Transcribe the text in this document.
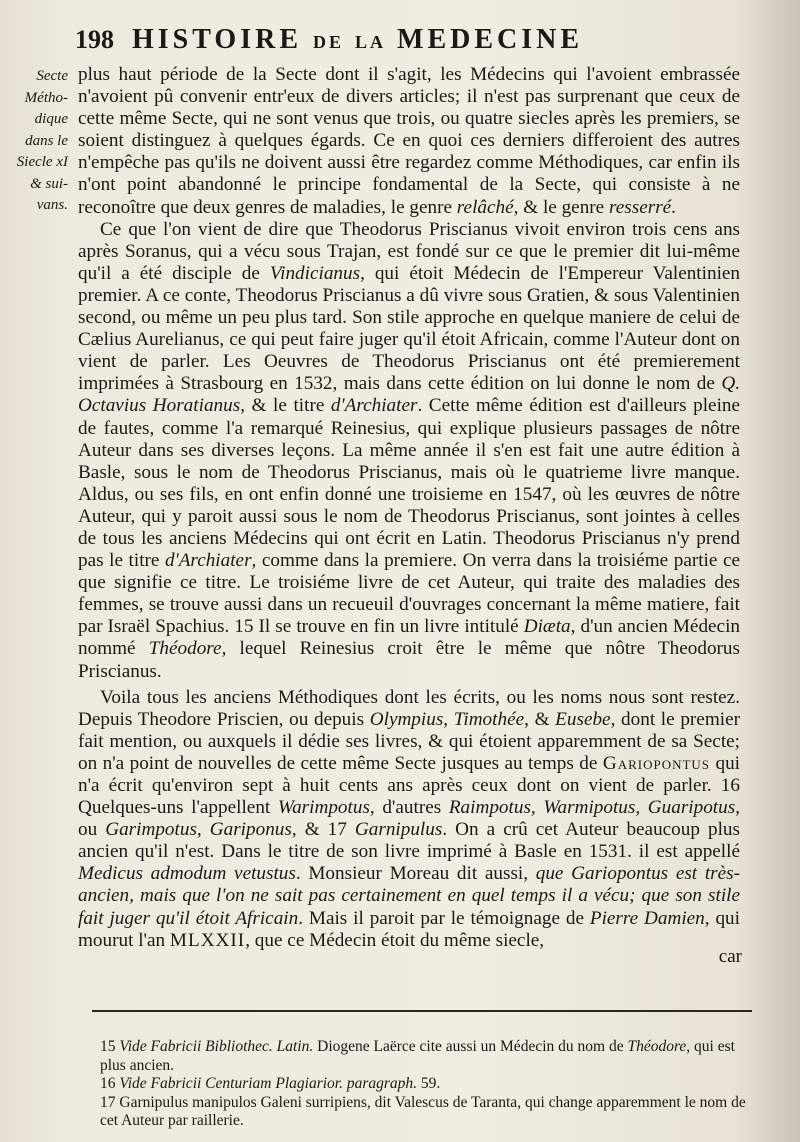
198 HISTOIRE DE LA MEDECINE
Secte
Métho-
dique
dans le
Siecle xI
& sui-
vans.

plus haut période de la Secte dont il s'agit, les Médecins qui l'avoient embrassée n'avoient pû convenir entr'eux de divers articles; il n'est pas surprenant que ceux de cette même Secte, qui ne sont venus que trois, ou quatre siecles après les premiers, se soient distinguez à quelques égards. Ce en quoi ces derniers differoient des autres n'empêche pas qu'ils ne doivent aussi être regardez comme Méthodiques, car enfin ils n'ont point abandonné le principe fondamental de la Secte, qui consiste à ne reconoître que deux genres de maladies, le genre relâché, & le genre resserré.

Ce que l'on vient de dire que Theodorus Priscianus vivoit environ trois cens ans après Soranus, qui a vécu sous Trajan, est fondé sur ce que le premier dit lui-même qu'il a été disciple de Vindicianus, qui étoit Médecin de l'Empereur Valentinien premier. A ce conte, Theodorus Priscianus a dû vivre sous Gratien, & sous Valentinien second, ou même un peu plus tard. Son stile approche en quelque maniere de celui de Cælius Aurelianus, ce qui peut faire juger qu'il étoit Africain, comme l'Auteur dont on vient de parler. Les Oeuvres de Theodorus Priscianus ont été premierement imprimées à Strasbourg en 1532, mais dans cette édition on lui donne le nom de Q. Octavius Horatianus, & le titre d'Archiater. Cette même édition est d'ailleurs pleine de fautes, comme l'a remarqué Reinesius, qui explique plusieurs passages de nôtre Auteur dans ses diverses leçons. La même année il s'en est fait une autre édition à Basle, sous le nom de Theodorus Priscianus, mais où le quatrieme livre manque. Aldus, ou ses fils, en ont enfin donné une troisieme en 1547, où les œuvres de nôtre Auteur, qui y paroit aussi sous le nom de Theodorus Priscianus, sont jointes à celles de tous les anciens Médecins qui ont écrit en Latin. Theodorus Priscianus n'y prend pas le titre d'Archiater, comme dans la premiere. On verra dans la troisiéme partie ce que signifie ce titre. Le troisiéme livre de cet Auteur, qui traite des maladies des femmes, se trouve aussi dans un recueuil d'ouvrages concernant la même matiere, fait par Israël Spachius. 15 Il se trouve en fin un livre intitulé Diæta, d'un ancien Médecin nommé Théodore, lequel Reinesius croit être le même que nôtre Theodorus Priscianus.

Voila tous les anciens Méthodiques dont les écrits, ou les noms nous sont restez. Depuis Theodore Priscien, ou depuis Olympius, Timothée, & Eusebe, dont le premier fait mention, ou auxquels il dédie ses livres, & qui étoient apparemment de sa Secte; on n'a point de nouvelles de cette même Secte jusques au temps de Gariopontus qui n'a écrit qu'environ sept à huit cents ans après ceux dont on vient de parler. 16 Quelques-uns l'appellent Warimpotus, d'autres Raimpotus, Warmipotus, Guaripotus, ou Garimpotus, Gariponus, & 17 Garnipulus. On a crû cet Auteur beaucoup plus ancien qu'il n'est. Dans le titre de son livre imprimé à Basle en 1531. il est appellé Medicus admodum vetustus. Monsieur Moreau dit aussi, que Gariopontus est très-ancien, mais que l'on ne sait pas certainement en quel temps il a vécu; que son stile fait juger qu'il étoit Africain. Mais il paroit par le témoignage de Pierre Damien, qui mourut l'an MLXXII, que ce Médecin étoit du même siecle,

car

15 Vide Fabricii Bibliothec. Latin. Diogene Laërce cite aussi un Médecin du nom de Théodore, qui est plus ancien.

16 Vide Fabricii Centuriam Plagiarior. paragraph. 59.

17 Garnipulus manipulos Galeni surripiens, dit Valescus de Taranta, qui change apparemment le nom de cet Auteur par raillerie.
